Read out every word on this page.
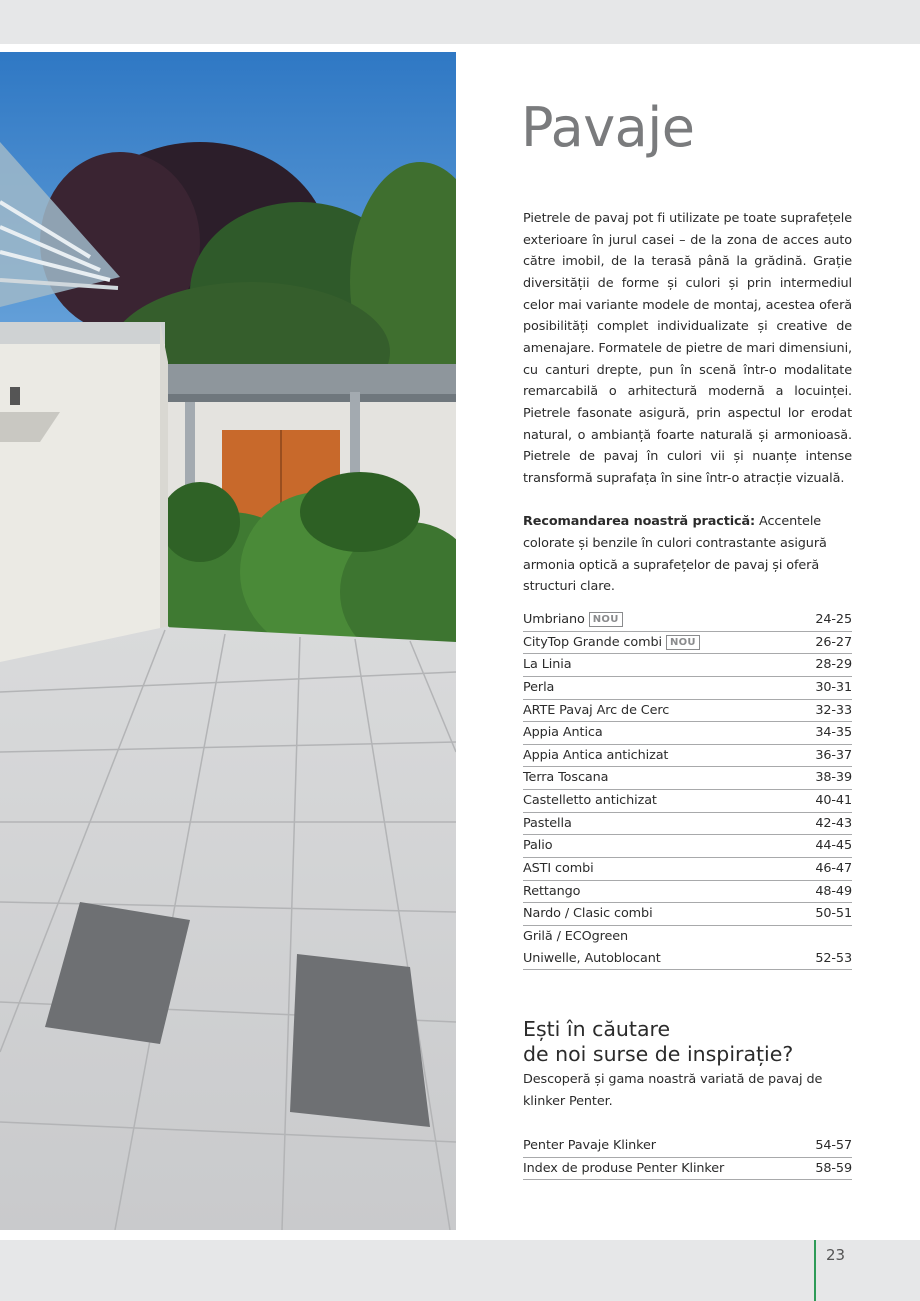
Pavaje

Pietrele de pavaj pot fi utilizate pe toate suprafețele exterioare în jurul casei – de la zona de acces auto către imobil, de la terasă până la grădină. Grație diversității de forme și culori și prin intermediul celor mai variante modele de montaj, acestea oferă posibilități complet individualizate și creative de amenajare. Formatele de pietre de mari dimensiuni, cu canturi drepte, pun în scenă într-o modalitate remarcabilă o arhitectură modernă a locuinței. Pietrele fasonate asigură, prin aspectul lor erodat natural, o ambianță foarte naturală și armonioasă. Pietrele de pavaj în culori vii și nuanțe intense transformă suprafața în sine într-o atracție vizuală.

Recomandarea noastră practică: Accentele colorate și benzile în culori contrastante asigură armonia optică a suprafețelor de pavaj și oferă structuri clare.

Umbriano NOU	24-25
CityTop Grande combi NOU	26-27
La Linia	28-29
Perla	30-31
ARTE Pavaj Arc de Cerc	32-33
Appia Antica	34-35
Appia Antica antichizat	36-37
Terra Toscana	38-39
Castelletto antichizat	40-41
Pastella	42-43
Palio	44-45
ASTI combi	46-47
Rettango	48-49
Nardo / Clasic combi	50-51
Grilă / ECOgreen
Uniwelle, Autoblocant	52-53
Ești în căutare
de noi surse de inspirație?

Descoperă și gama noastră variată de pavaj de klinker Penter.

Penter Pavaje Klinker	54-57
Index de produse Penter Klinker	58-59
23
